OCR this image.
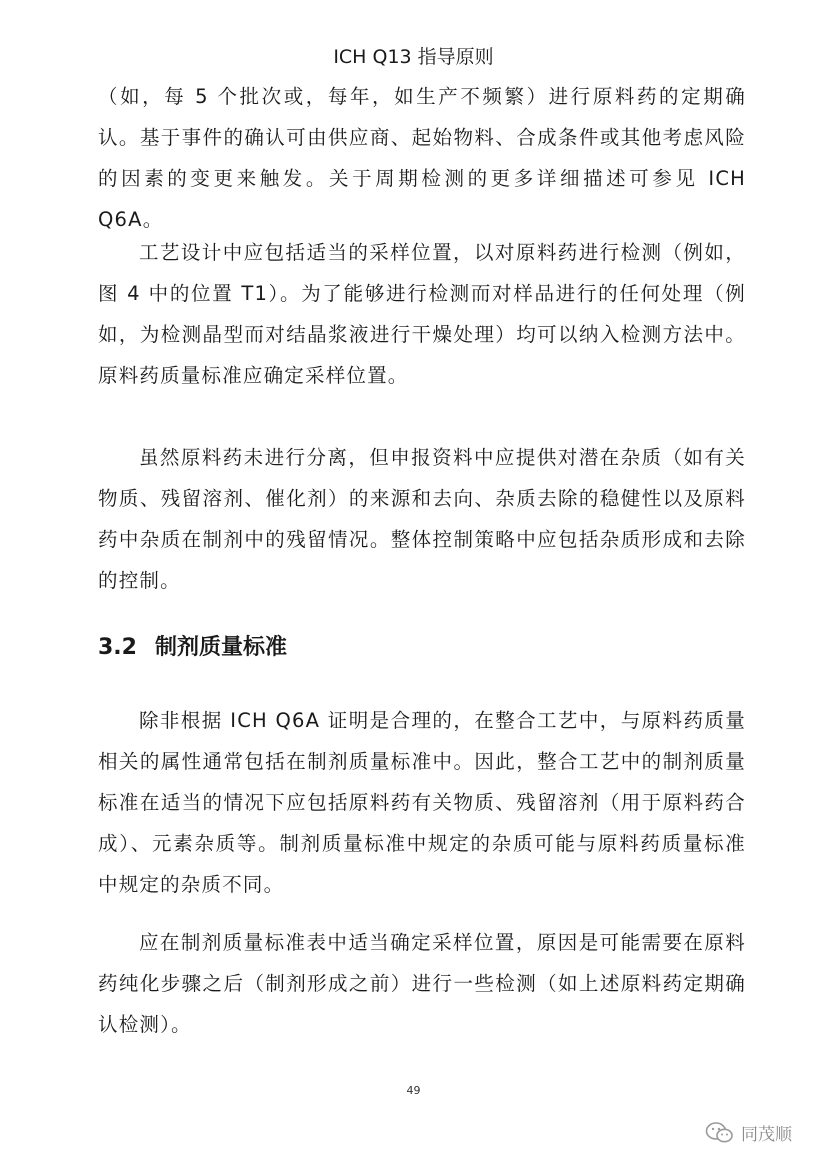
ICH Q13 指导原则

（如，每 5 个批次或，每年，如生产不频繁）进行原料药的定期确认。基于事件的确认可由供应商、起始物料、合成条件或其他考虑风险的因素的变更来触发。关于周期检测的更多详细描述可参见 ICH Q6A。

工艺设计中应包括适当的采样位置，以对原料药进行检测（例如，图 4 中的位置 T1）。为了能够进行检测而对样品进行的任何处理（例如，为检测晶型而对结晶浆液进行干燥处理）均可以纳入检测方法中。原料药质量标准应确定采样位置。

虽然原料药未进行分离，但申报资料中应提供对潜在杂质（如有关物质、残留溶剂、催化剂）的来源和去向、杂质去除的稳健性以及原料药中杂质在制剂中的残留情况。整体控制策略中应包括杂质形成和去除的控制。

3.2 制剂质量标准

除非根据 ICH Q6A 证明是合理的，在整合工艺中，与原料药质量相关的属性通常包括在制剂质量标准中。因此，整合工艺中的制剂质量标准在适当的情况下应包括原料药有关物质、残留溶剂（用于原料药合成）、元素杂质等。制剂质量标准中规定的杂质可能与原料药质量标准中规定的杂质不同。

应在制剂质量标准表中适当确定采样位置，原因是可能需要在原料药纯化步骤之后（制剂形成之前）进行一些检测（如上述原料药定期确认检测）。

49
同茂顺
